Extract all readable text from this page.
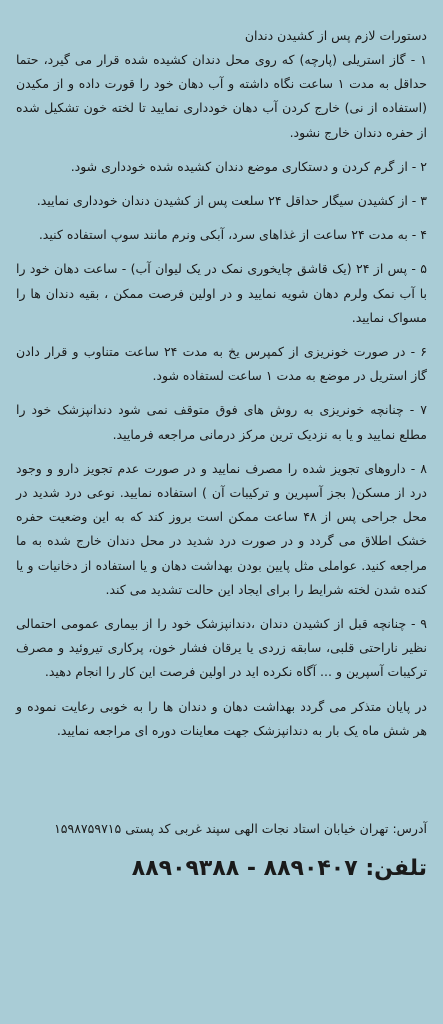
دستورات لازم پس از کشیدن دندان

۱ - گاز استریلی (پارچه) که روی محل دندان کشیده شده قرار می گیرد، حتما حداقل به مدت ۱ ساعت نگاه داشته و آب دهان خود را قورت داده و از مکیدن (استفاده از نی) خارج کردن آب دهان خودداری نمایید تا لخته خون تشکیل شده از حفره دندان خارج نشود.

۲ - از گرم کردن و دستکاری موضع دندان کشیده شده خودداری شود.

۳ - از کشیدن سیگار حداقل ۲۴ سلعت پس از کشیدن دندان خودداری نمایید.

۴ - به مدت ۲۴ ساعت از غذاهای سرد، آبکی ونرم مانند سوپ استفاده کنید.

۵ - پس از ۲۴ (یک قاشق چایخوری نمک در یک لیوان آب) - ساعت دهان خود را با آب نمک ولرم دهان شویه نمایید و در اولین فرصت ممکن ، بقیه دندان ها را مسواک نمایید.

۶ - در صورت خونریزی از کمپرس یخ به مدت ۲۴ ساعت متناوب و قرار دادن گاز استریل در موضع به مدت ۱ ساعت لستفاده شود.

۷ - چنانچه خونریزی به روش های فوق متوقف نمی شود دندانپزشک خود را مطلع نمایید و یا به نزدیک ترین مرکز درمانی مراجعه فرمایید.

۸ - داروهای تجویز شده را مصرف نمایید و در صورت عدم تجویز دارو و وجود درد از مسکن( بجز آسپرین و ترکیبات آن ) استفاده نمایید. نوعی درد شدید در محل جراحی پس از ۴۸ ساعت ممکن است بروز کند که به این وضعیت حفره خشک اطلاق می گردد و در صورت درد شدید در محل دندان خارج شده به ما مراجعه کنید. عواملی مثل پایین بودن بهداشت دهان و یا استفاده از دخانیات و یا کنده شدن لخته شرایط را برای ایجاد این حالت تشدید می کند.

۹ - چنانچه قبل از کشیدن دندان ،دندانپزشک خود را از بیماری عمومی احتمالی نظیر ناراحتی قلبی، سابقه زردی یا یرقان فشار خون، پرکاری تیروئید و مصرف ترکیبات آسپرین و ... آگاه نکرده اید در اولین فرصت این کار را انجام دهید.

در پایان متذکر می گردد بهداشت دهان و دندان ها را به خوبی رعایت نموده و هر شش ماه یک بار به دندانپزشک جهت معاینات دوره ای مراجعه نمایید.

آدرس: تهران خیابان استاد نجات الهی سپند غربی کد پستی ۱۵۹۸۷۵۹۷۱۵
تلفن: ۸۸۹۰۴۰۷ - ۸۸۹۰۹۳۸۸
